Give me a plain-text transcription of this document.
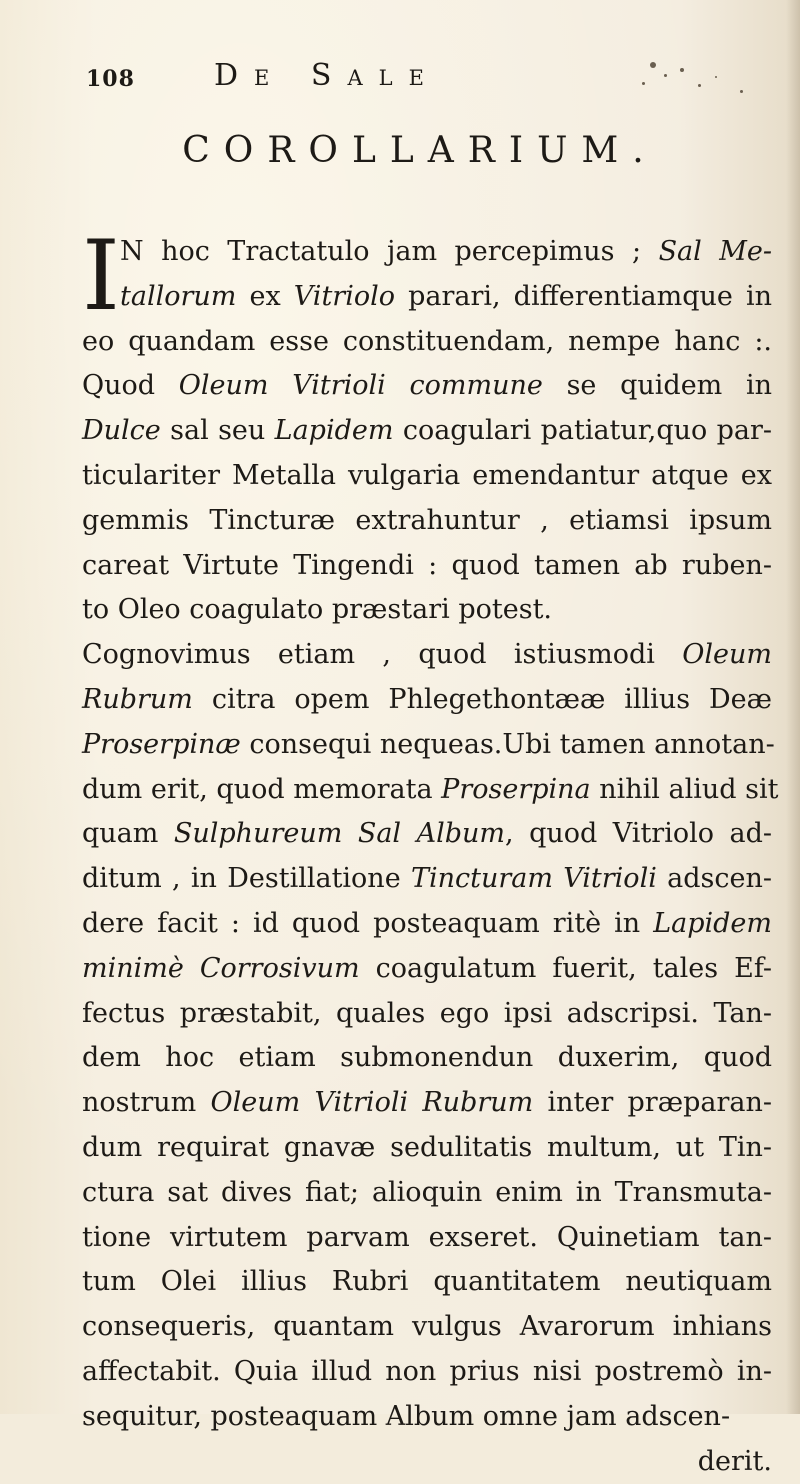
108	De Sale
COROLLARIUM.
I N hoc Tractatulo jam percepimus ; Sal Me-
tallorum ex Vitriolo parari, differentiamque in
eo quandam esse constituendam, nempe hanc :.
Quod Oleum Vitrioli commune se quidem in
Dulce sal seu Lapidem coagulari patiatur,quo par-
ticulariter Metalla vulgaria emendantur atque ex
gemmis Tincturæ extrahuntur , etiamsi ipsum
careat Virtute Tingendi : quod tamen ab ruben-
to Oleo coagulato præstari potest.
Cognovimus etiam , quod istiusmodi Oleum
Rubrum citra opem Phlegethontææ illius Deæ
Proserpinæ consequi nequeas.Ubi tamen annotan-
dum erit, quod memorata Proserpina nihil aliud sit
quam Sulphureum Sal Album, quod Vitriolo ad-
ditum , in Destillatione Tincturam Vitrioli adscen-
dere facit : id quod posteaquam ritè in Lapidem
minimè Corrosivum coagulatum fuerit, tales Ef-
fectus præstabit, quales ego ipsi adscripsi. Tan-
dem hoc etiam submonendun duxerim, quod
nostrum Oleum Vitrioli Rubrum inter præparan-
dum requirat gnavæ sedulitatis multum, ut Tin-
ctura sat dives fiat; alioquin enim in Transmuta-
tione virtutem parvam exseret. Quinetiam tan-
tum Olei illius Rubri quantitatem neutiquam
consequeris, quantam vulgus Avarorum inhians
affectabit. Quia illud non prius nisi postremò in-
sequitur, posteaquam Album omne jam adscen-
derit.
